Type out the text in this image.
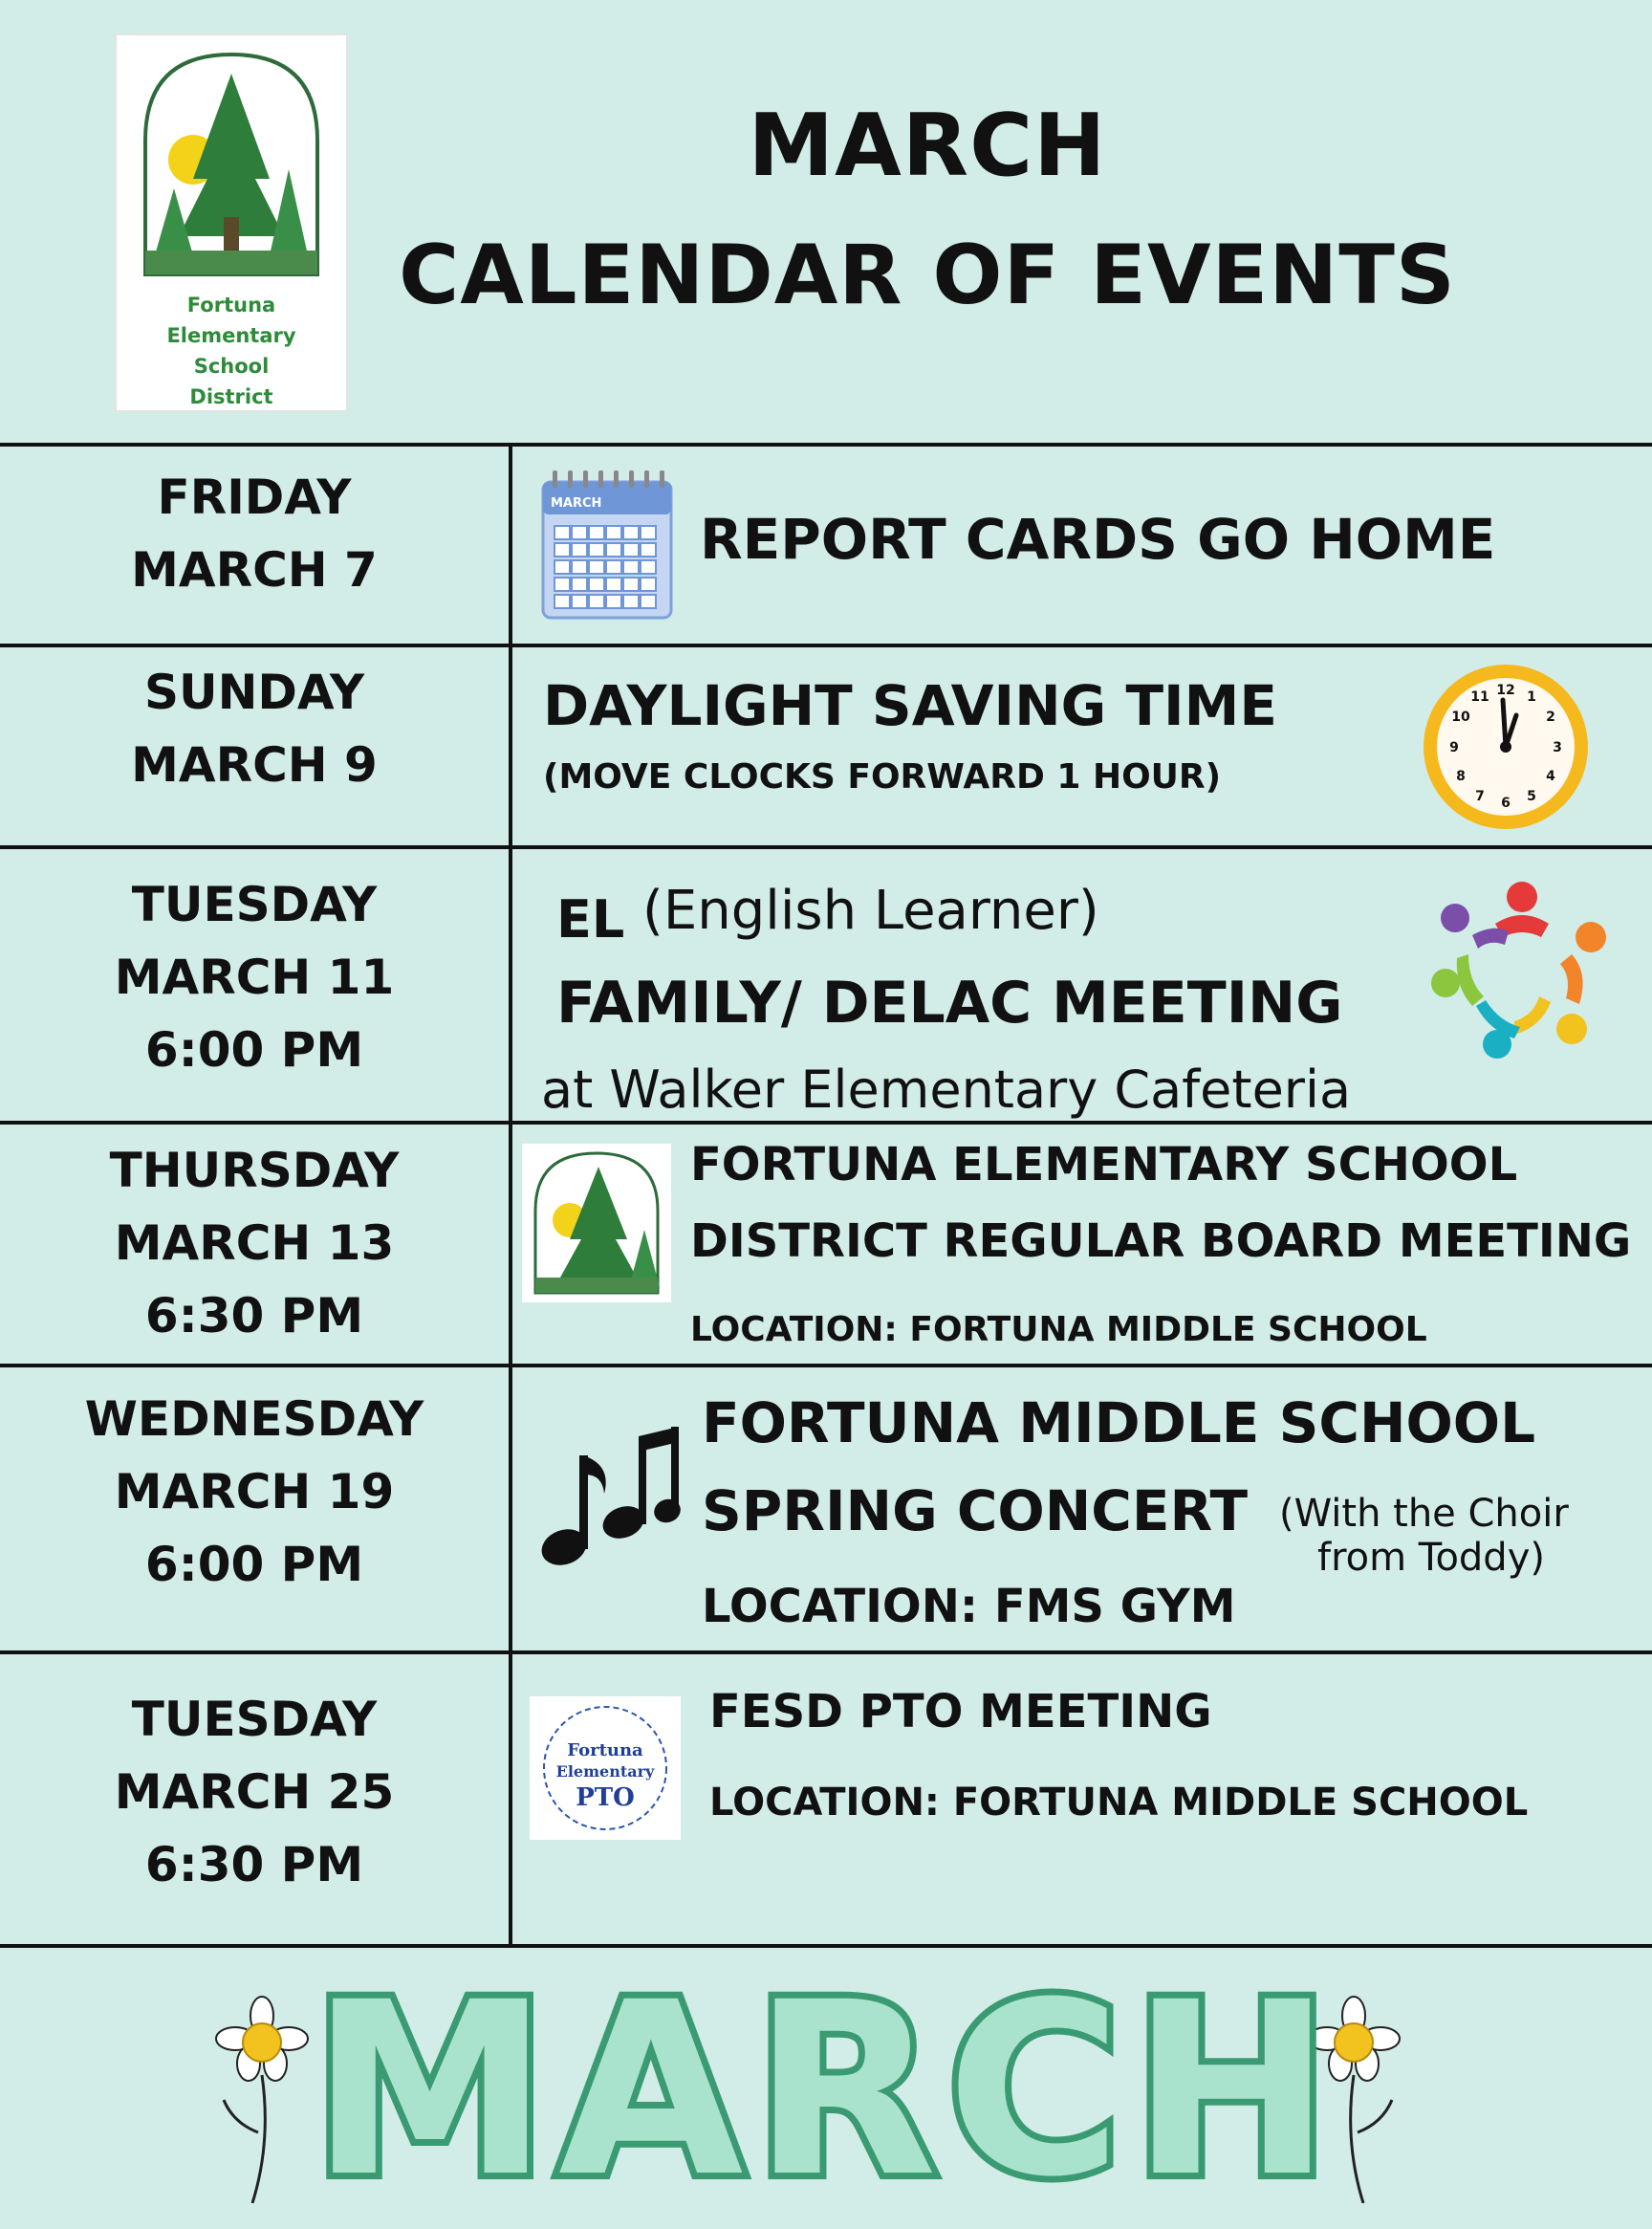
Fortuna
Elementary
School
District
MARCH
CALENDAR OF EVENTS
FRIDAY
MARCH 7
MARCH
REPORT CARDS GO HOME
SUNDAY
MARCH 9
DAYLIGHT SAVING TIME
(MOVE CLOCKS FORWARD 1 HOUR)
12 1
2
3
4
5
6
7
8
9
10
11
TUESDAY
MARCH 11
6:00 PM
EL (English Learner)
FAMILY/ DELAC MEETING
at Walker Elementary Cafeteria
THURSDAY
MARCH 13
6:30 PM
FORTUNA ELEMENTARY SCHOOL
DISTRICT REGULAR BOARD MEETING
LOCATION: FORTUNA MIDDLE SCHOOL
WEDNESDAY
MARCH 19
6:00 PM
FORTUNA MIDDLE SCHOOL
SPRING CONCERT (With the Choir
from Toddy)
LOCATION: FMS GYM
TUESDAY
MARCH 25
6:30 PM
Fortuna
Elementary
PTO
FESD PTO MEETING
LOCATION: FORTUNA MIDDLE SCHOOL
MARCH
